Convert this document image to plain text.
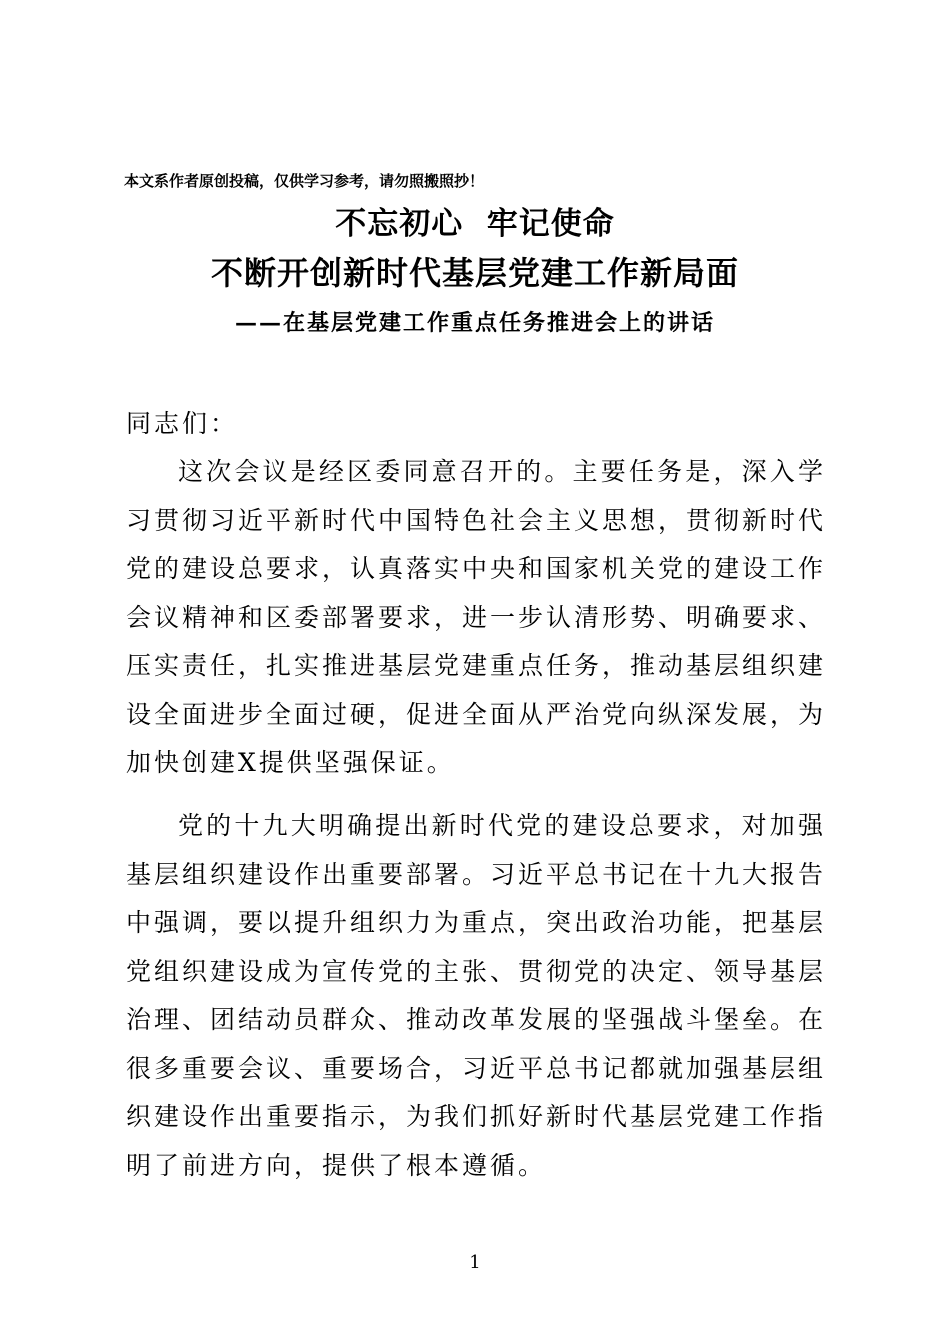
本文系作者原创投稿，仅供学习参考，请勿照搬照抄！
不忘初心  牢记使命
不断开创新时代基层党建工作新局面
——在基层党建工作重点任务推进会上的讲话
同志们：
这次会议是经区委同意召开的。主要任务是，深入学
习贯彻习近平新时代中国特色社会主义思想，贯彻新时代
党的建设总要求，认真落实中央和国家机关党的建设工作
会议精神和区委部署要求，进一步认清形势、明确要求、
压实责任，扎实推进基层党建重点任务，推动基层组织建
设全面进步全面过硬，促进全面从严治党向纵深发展，为
加快创建X提供坚强保证。
党的十九大明确提出新时代党的建设总要求，对加强
基层组织建设作出重要部署。习近平总书记在十九大报告
中强调，要以提升组织力为重点，突出政治功能，把基层
党组织建设成为宣传党的主张、贯彻党的决定、领导基层
治理、团结动员群众、推动改革发展的坚强战斗堡垒。在
很多重要会议、重要场合，习近平总书记都就加强基层组
织建设作出重要指示，为我们抓好新时代基层党建工作指
明了前进方向，提供了根本遵循。
1
